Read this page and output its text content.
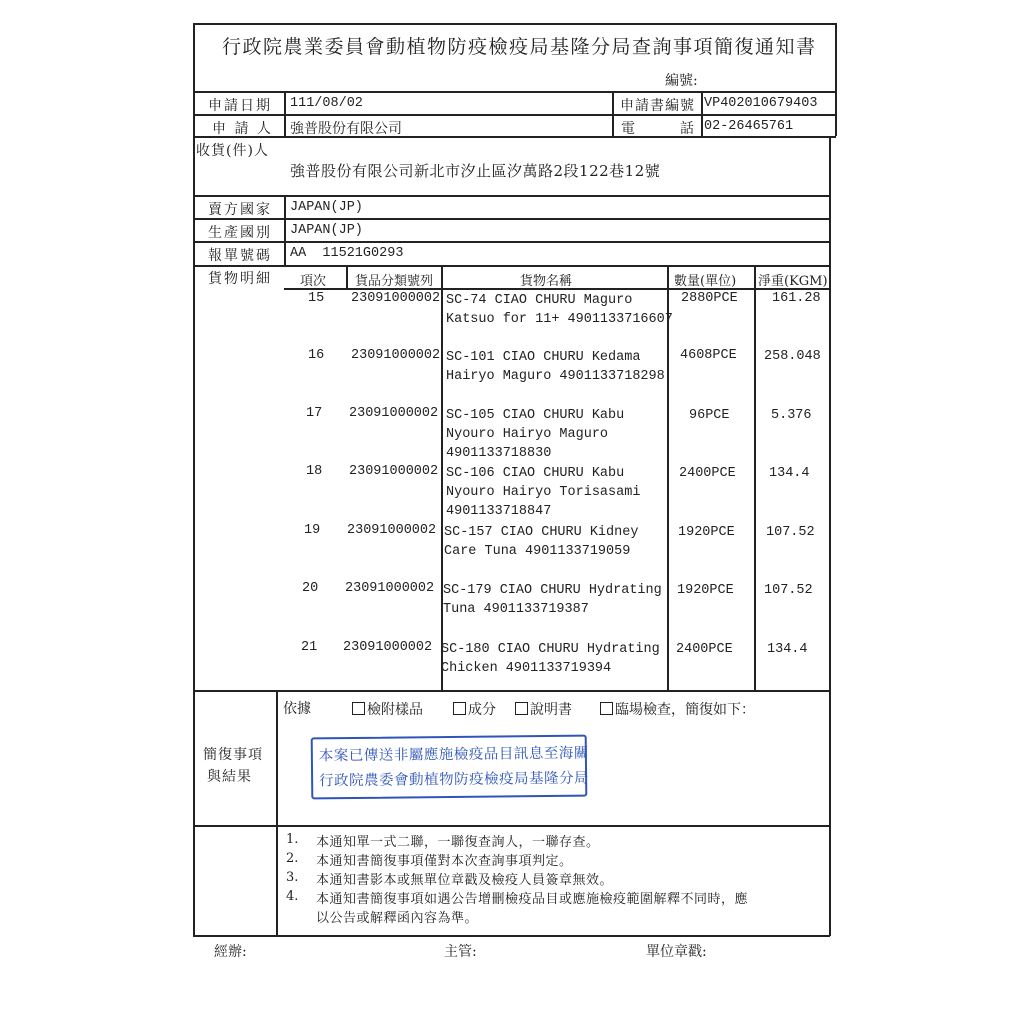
行政院農業委員會動植物防疫檢疫局基隆分局查詢事項簡復通知書
編號:
申請日期 111/08/02	申請書編號 VP402010679403
申 請 人 強普股份有限公司	電	話 02-26465761
收貨(件)人
強普股份有限公司新北市汐止區汐萬路2段122巷12號
賣方國家 JAPAN(JP)
生產國別 JAPAN(JP)
報單號碼 AA  11521G0293
貨物明細 項次 貨品分類號列	貨物名稱	數量(單位) 淨重(KGM)
15 23091000002 SC-74 CIAO CHURU Maguro
Katsuo for 11+ 4901133716607
2880PCE	161.28
16 23091000002 SC-101 CIAO CHURU Kedama
Hairyo Maguro 4901133718298
4608PCE 258.048
17 23091000002 SC-105 CIAO CHURU Kabu
Nyouro Hairyo Maguro
4901133718830
96PCE	5.376
18 23091000002 SC-106 CIAO CHURU Kabu
Nyouro Hairyo Torisasami
4901133718847
2400PCE 134.4
19 23091000002 SC-157 CIAO CHURU Kidney
Care Tuna 4901133719059
1920PCE 107.52
20 23091000002 SC-179 CIAO CHURU Hydrating
Tuna 4901133719387
1920PCE 107.52
21 23091000002 SC-180 CIAO CHURU Hydrating
Chicken 4901133719394
2400PCE	134.4
簡復事項
與結果
依據	檢附樣品	成分	說明書	臨場檢查，簡復如下：
本案已傳送非屬應施檢疫品目訊息至海關
行政院農委會動植物防疫檢疫局基隆分局
1. 本通知單一式二聯，一聯復查詢人，一聯存查。
2. 本通知書簡復事項僅對本次查詢事項判定。
3. 本通知書影本或無單位章戳及檢疫人員簽章無效。
4. 本通知書簡復事項如遇公告增刪檢疫品目或應施檢疫範圍解釋不同時，應
以公告或解釋函內容為準。
經辦:	主管:	單位章戳:
